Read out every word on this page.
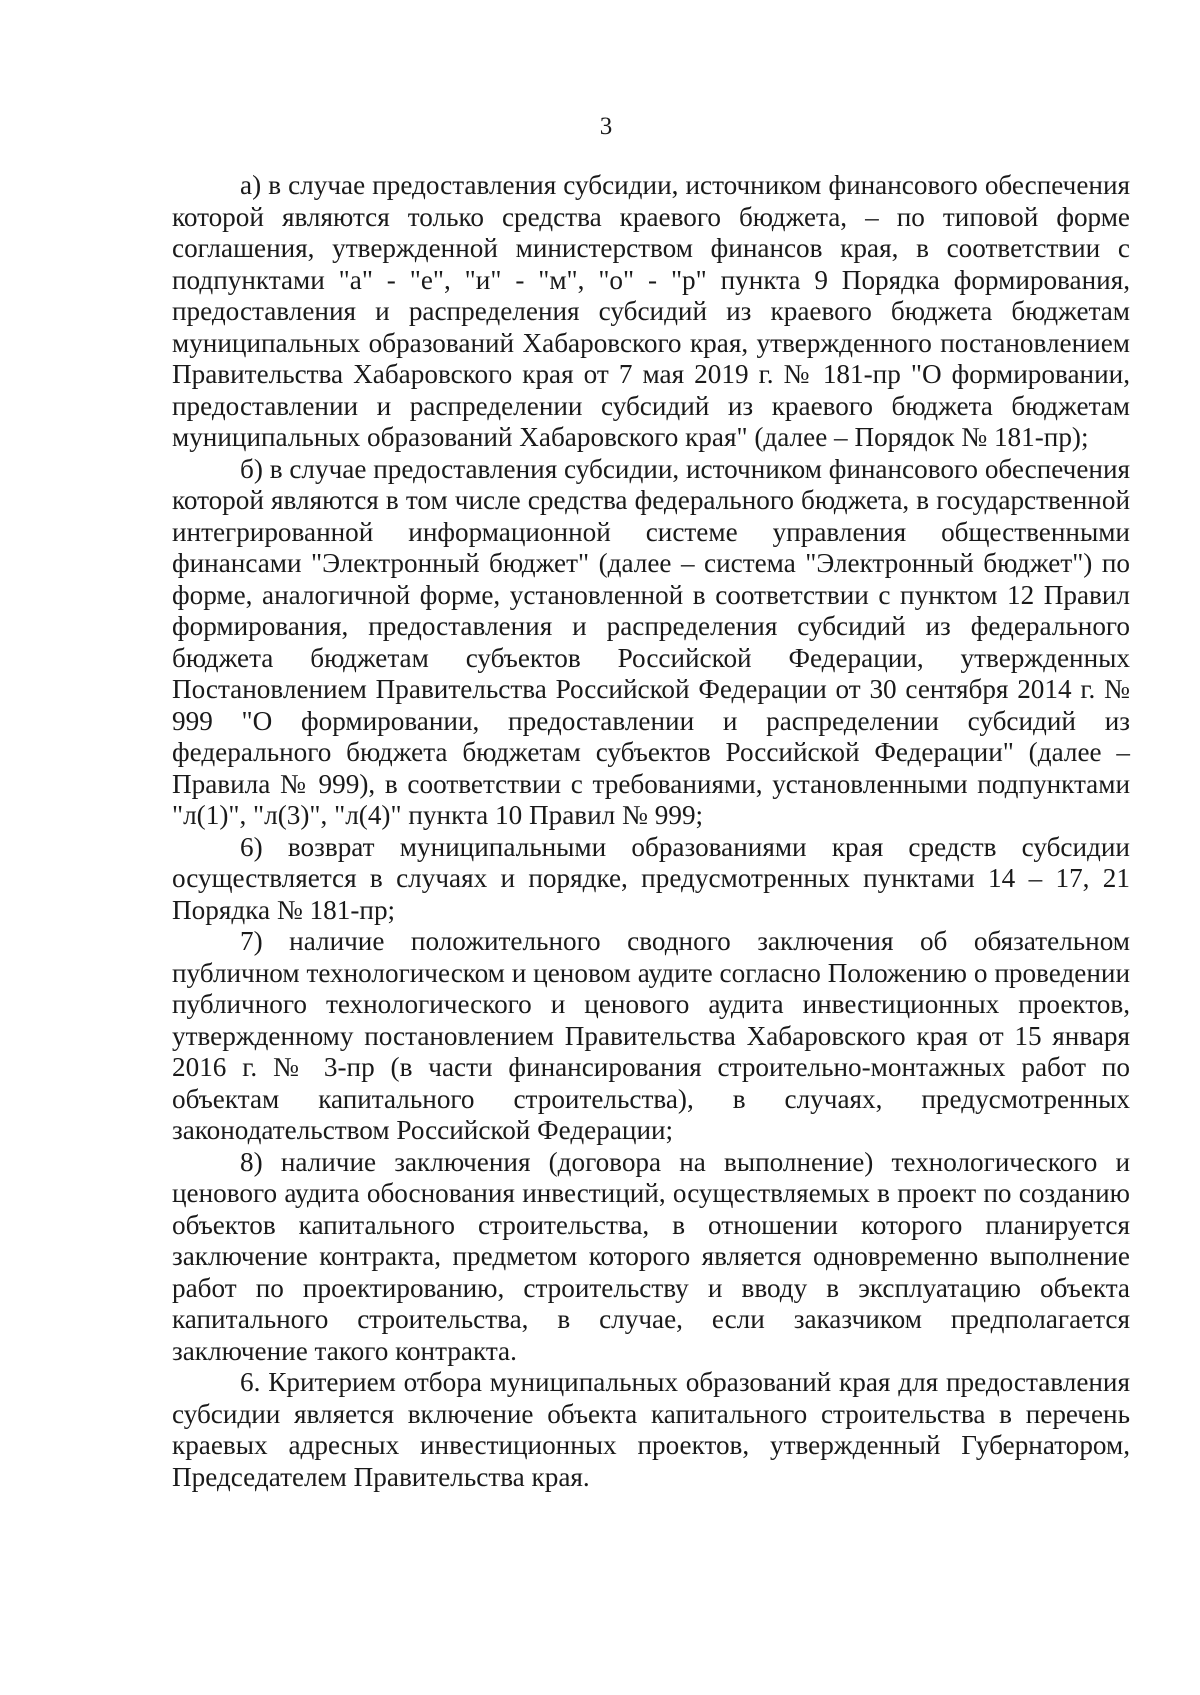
3

а) в случае предоставления субсидии, источником финансового обеспечения которой являются только средства краевого бюджета, – по типовой форме соглашения, утвержденной министерством финансов края, в соответствии с подпунктами "а" - "е", "и" - "м", "о" - "р" пункта 9 Порядка формирования, предоставления и распределения субсидий из краевого бюджета бюджетам муниципальных образований Хабаровского края, утвержденного постановлением Правительства Хабаровского края от 7 мая 2019 г. № 181-пр "О формировании, предоставлении и распределении субсидий из краевого бюджета бюджетам муниципальных образований Хабаровского края" (далее – Порядок № 181-пр);

б) в случае предоставления субсидии, источником финансового обеспечения которой являются в том числе средства федерального бюджета, в государственной интегрированной информационной системе управления общественными финансами "Электронный бюджет" (далее – система "Электронный бюджет") по форме, аналогичной форме, установленной в соответствии с пунктом 12 Правил формирования, предоставления и распределения субсидий из федерального бюджета бюджетам субъектов Российской Федерации, утвержденных Постановлением Правительства Российской Федерации от 30 сентября 2014 г. № 999 "О формировании, предоставлении и распределении субсидий из федерального бюджета бюджетам субъектов Российской Федерации" (далее – Правила № 999), в соответствии с требованиями, установленными подпунктами "л(1)", "л(3)", "л(4)" пункта 10 Правил № 999;

6) возврат муниципальными образованиями края средств субсидии осуществляется в случаях и порядке, предусмотренных пунктами 14 – 17, 21 Порядка № 181-пр;

7) наличие положительного сводного заключения об обязательном публичном технологическом и ценовом аудите согласно Положению о проведении публичного технологического и ценового аудита инвестиционных проектов, утвержденному постановлением Правительства Хабаровского края от 15 января 2016 г. № 3-пр (в части финансирования строительно-монтажных работ по объектам капитального строительства), в случаях, предусмотренных законодательством Российской Федерации;

8) наличие заключения (договора на выполнение) технологического и ценового аудита обоснования инвестиций, осуществляемых в проект по созданию объектов капитального строительства, в отношении которого планируется заключение контракта, предметом которого является одновременно выполнение работ по проектированию, строительству и вводу в эксплуатацию объекта капитального строительства, в случае, если заказчиком предполагается заключение такого контракта.

6. Критерием отбора муниципальных образований края для предоставления субсидии является включение объекта капитального строительства в перечень краевых адресных инвестиционных проектов, утвержденный Губернатором, Председателем Правительства края.
